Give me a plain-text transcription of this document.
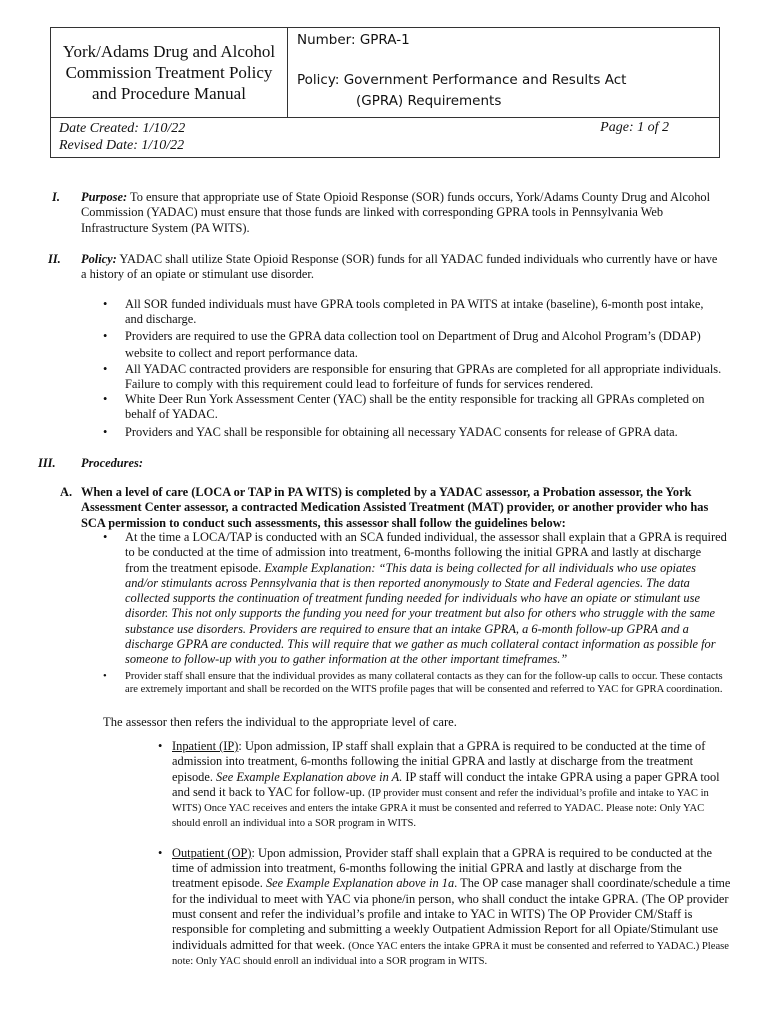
York/Adams Drug and Alcohol Commission Treatment Policy and Procedure Manual
Number: GPRA-1
Policy: Government Performance and Results Act
(GPRA) Requirements
Date Created: 1/10/22
Revised Date: 1/10/22
Page: 1 of 2
I. Purpose: To ensure that appropriate use of State Opioid Response (SOR) funds occurs, York/Adams County Drug and Alcohol Commission (YADAC) must ensure that those funds are linked with corresponding GPRA tools in Pennsylvania Web Infrastructure System (PA WITS).
II. Policy: YADAC shall utilize State Opioid Response (SOR) funds for all YADAC funded individuals who currently have or have a history of an opiate or stimulant use disorder.
• All SOR funded individuals must have GPRA tools completed in PA WITS at intake (baseline), 6-month post intake, and discharge.
• Providers are required to use the GPRA data collection tool on Department of Drug and Alcohol Program’s (DDAP) website to collect and report performance data.
• All YADAC contracted providers are responsible for ensuring that GPRAs are completed for all appropriate individuals. Failure to comply with this requirement could lead to forfeiture of funds for services rendered.
• White Deer Run York Assessment Center (YAC) shall be the entity responsible for tracking all GPRAs completed on behalf of YADAC.
• Providers and YAC shall be responsible for obtaining all necessary YADAC consents for release of GPRA data.
III. Procedures:
A. When a level of care (LOCA or TAP in PA WITS) is completed by a YADAC assessor, a Probation assessor, the York Assessment Center assessor, a contracted Medication Assisted Treatment (MAT) provider, or another provider who has SCA permission to conduct such assessments, this assessor shall follow the guidelines below:
• At the time a LOCA/TAP is conducted with an SCA funded individual, the assessor shall explain that a GPRA is required to be conducted at the time of admission into treatment, 6-months following the initial GPRA and lastly at discharge from the treatment episode. Example Explanation: “This data is being collected for all individuals who use opiates and/or stimulants across Pennsylvania that is then reported anonymously to State and Federal agencies. The data collected supports the continuation of treatment funding needed for individuals who have an opiate or stimulant use disorder. This not only supports the funding you need for your treatment but also for others who struggle with the same substance use disorders. Providers are required to ensure that an intake GPRA, a 6-month follow-up GPRA and a discharge GPRA are conducted. This will require that we gather as much collateral contact information as possible for someone to follow-up with you to gather information at the other important timeframes.”
• Provider staff shall ensure that the individual provides as many collateral contacts as they can for the follow-up calls to occur. These contacts are extremely important and shall be recorded on the WITS profile pages that will be consented and referred to YAC for GPRA coordination.
The assessor then refers the individual to the appropriate level of care.
• Inpatient (IP): Upon admission, IP staff shall explain that a GPRA is required to be conducted at the time of admission into treatment, 6-months following the initial GPRA and lastly at discharge from the treatment episode. See Example Explanation above in A. IP staff will conduct the intake GPRA using a paper GPRA tool and send it back to YAC for follow-up. (IP provider must consent and refer the individual’s profile and intake to YAC in WITS) Once YAC receives and enters the intake GPRA it must be consented and referred to YADAC. Please note: Only YAC should enroll an individual into a SOR program in WITS.
• Outpatient (OP): Upon admission, Provider staff shall explain that a GPRA is required to be conducted at the time of admission into treatment, 6-months following the initial GPRA and lastly at discharge from the treatment episode. See Example Explanation above in 1a. The OP case manager shall coordinate/schedule a time for the individual to meet with YAC via phone/in person, who shall conduct the intake GPRA. (The OP provider must consent and refer the individual’s profile and intake to YAC in WITS) The OP Provider CM/Staff is responsible for completing and submitting a weekly Outpatient Admission Report for all Opiate/Stimulant use individuals admitted for that week. (Once YAC enters the intake GPRA it must be consented and referred to YADAC.) Please note: Only YAC should enroll an individual into a SOR program in WITS.
